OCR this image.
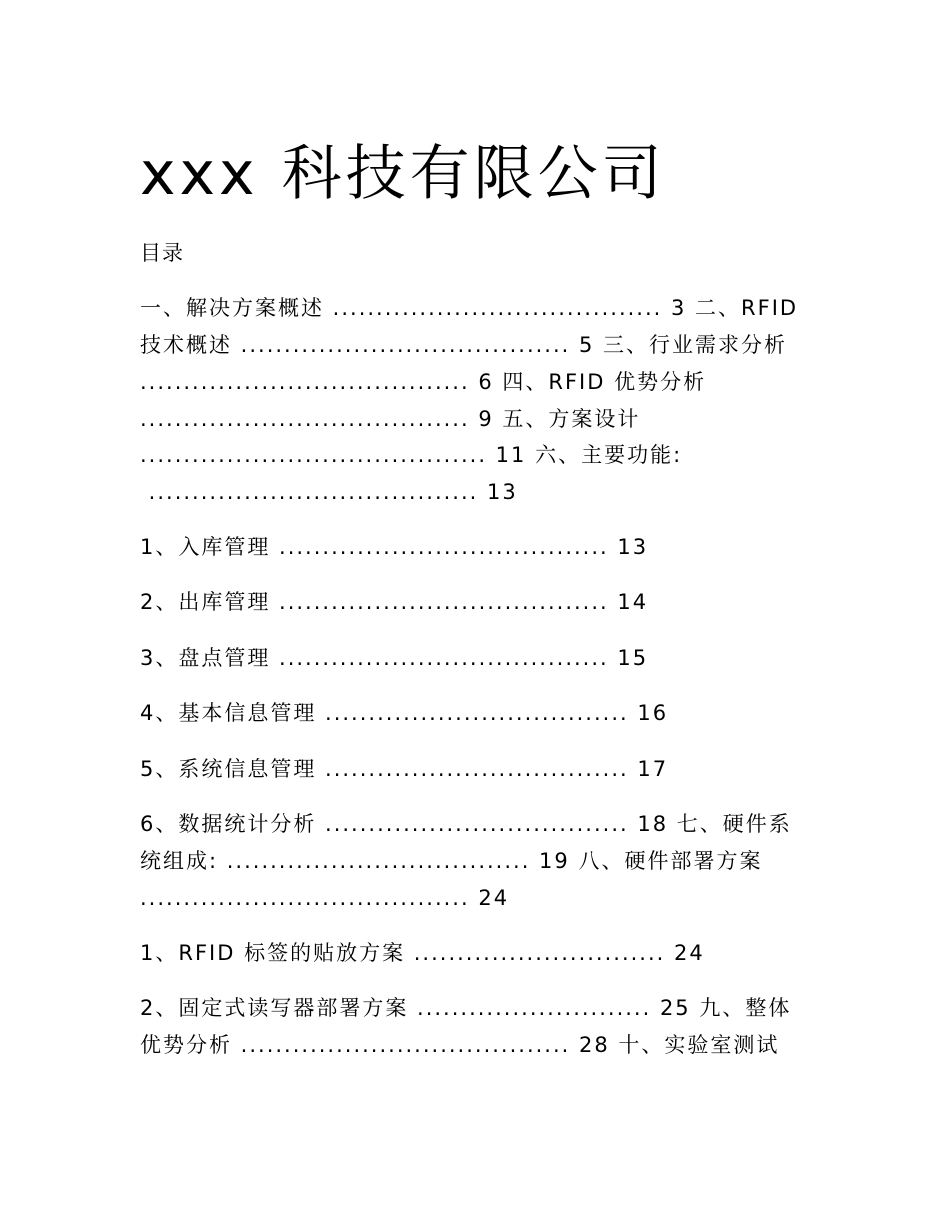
xxx 科技有限公司
目录
一、解决方案概述 ...................................... 3 二、RFID
技术概述 ...................................... 5 三、行业需求分析
...................................... 6 四、RFID 优势分析
...................................... 9 五、方案设计
........................................ 11 六、主要功能:
...................................... 13
1、入库管理 ...................................... 13
2、出库管理 ...................................... 14
3、盘点管理 ...................................... 15
4、基本信息管理 ................................... 16
5、系统信息管理 ................................... 17
6、数据统计分析 ................................... 18 七、硬件系
统组成: ................................... 19 八、硬件部署方案
...................................... 24
1、RFID 标签的贴放方案 ............................. 24
2、固定式读写器部署方案 ........................... 25 九、整体
优势分析 ...................................... 28 十、实验室测试
